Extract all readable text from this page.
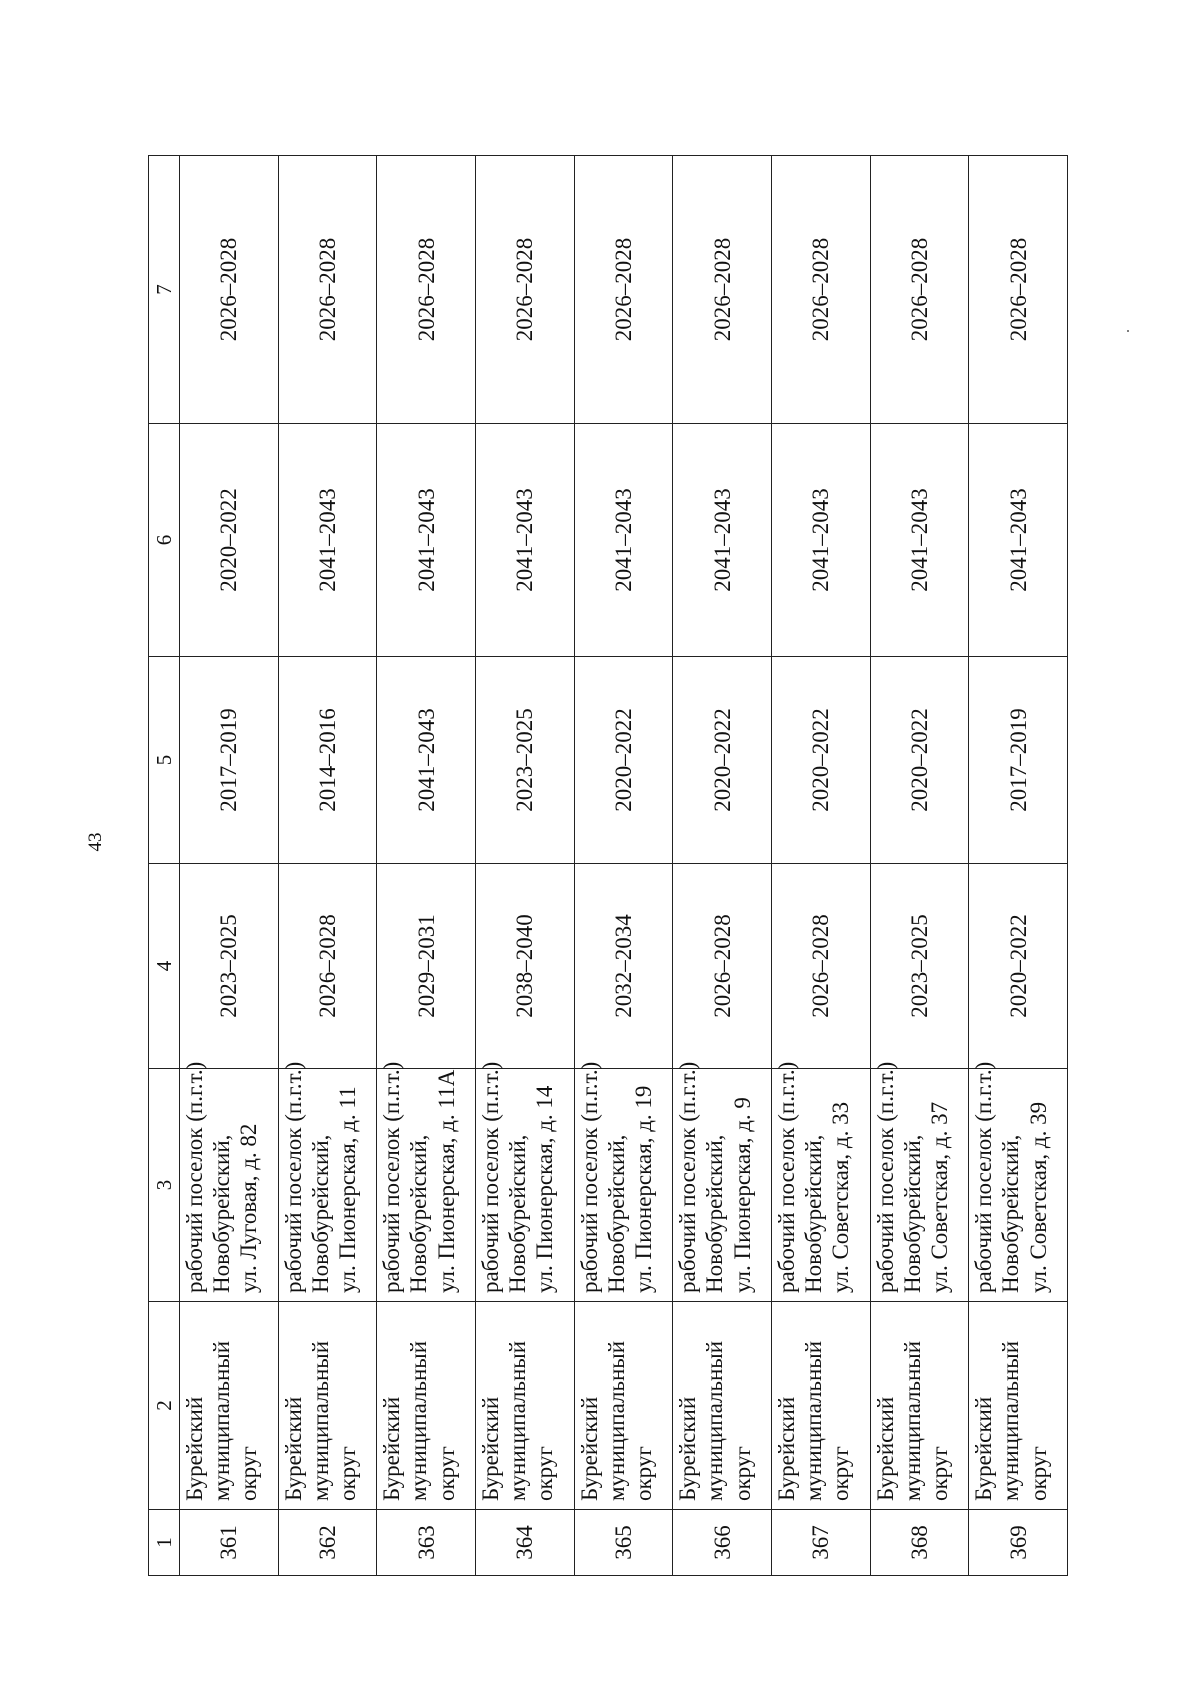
43
1	2	3	4	5	6	7
361	Бурейский муниципальный округ	рабочий поселок (п.г.т.) Новобурейский, ул. Луговая, д. 82	2023–2025	2017–2019	2020–2022	2026–2028
362	Бурейский муниципальный округ	рабочий поселок (п.г.т.) Новобурейский, ул. Пионерская, д. 11	2026–2028	2014–2016	2041–2043	2026–2028
363	Бурейский муниципальный округ	рабочий поселок (п.г.т.) Новобурейский, ул. Пионерская, д. 11А	2029–2031	2041–2043	2041–2043	2026–2028
364	Бурейский муниципальный округ	рабочий поселок (п.г.т.) Новобурейский, ул. Пионерская, д. 14	2038–2040	2023–2025	2041–2043	2026–2028
365	Бурейский муниципальный округ	рабочий поселок (п.г.т.) Новобурейский, ул. Пионерская, д. 19	2032–2034	2020–2022	2041–2043	2026–2028
366	Бурейский муниципальный округ	рабочий поселок (п.г.т.) Новобурейский, ул. Пионерская, д. 9	2026–2028	2020–2022	2041–2043	2026–2028
367	Бурейский муниципальный округ	рабочий поселок (п.г.т.) Новобурейский, ул. Советская, д. 33	2026–2028	2020–2022	2041–2043	2026–2028
368	Бурейский муниципальный округ	рабочий поселок (п.г.т.) Новобурейский, ул. Советская, д. 37	2023–2025	2020–2022	2041–2043	2026–2028
369	Бурейский муниципальный округ	рабочий поселок (п.г.т.) Новобурейский, ул. Советская, д. 39	2020–2022	2017–2019	2041–2043	2026–2028
